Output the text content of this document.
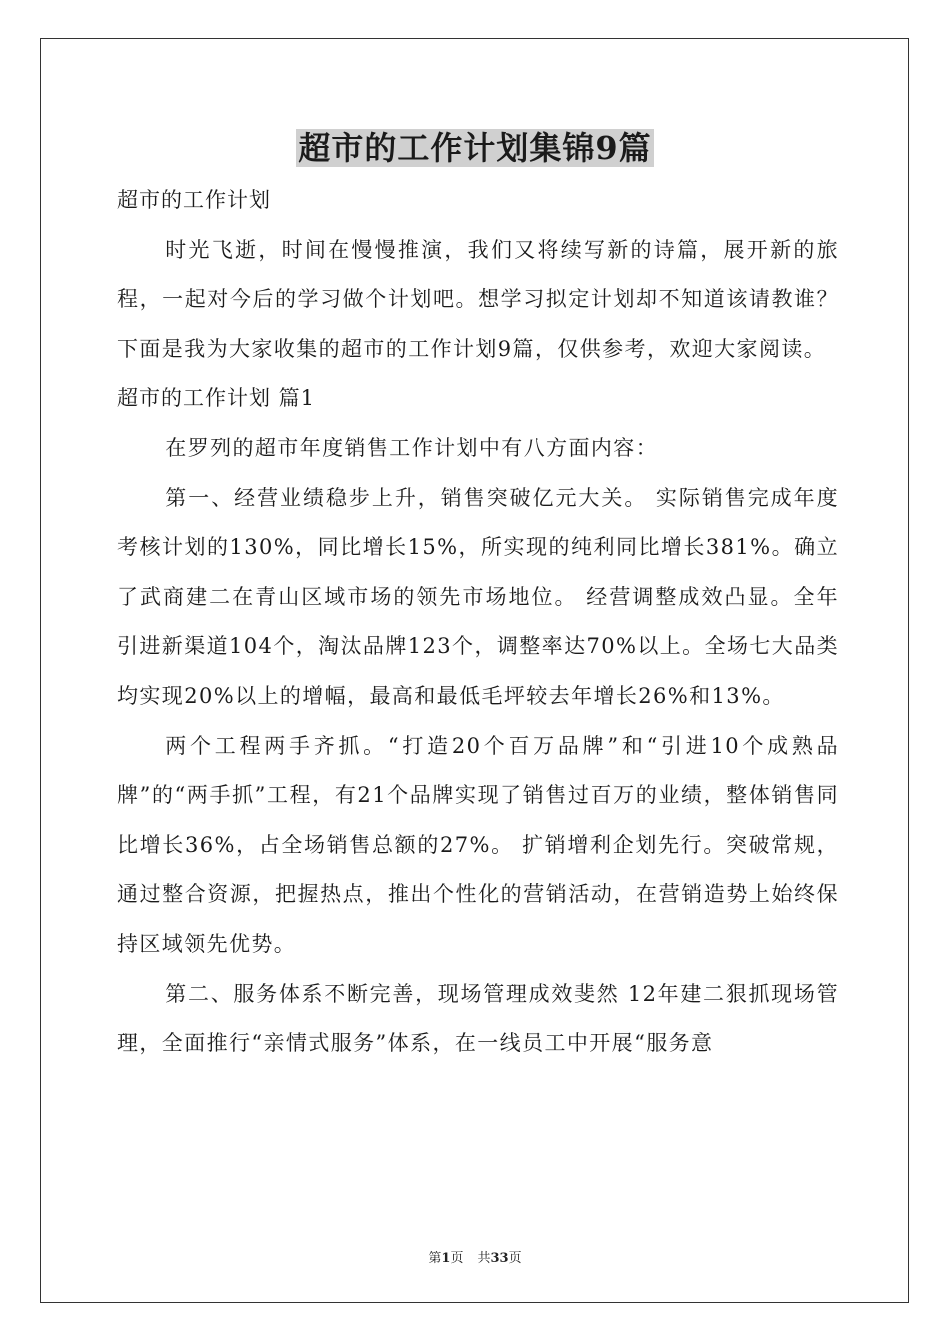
超市的工作计划集锦9篇

超市的工作计划

时光飞逝，时间在慢慢推演，我们又将续写新的诗篇，展开新的旅程，一起对今后的学习做个计划吧。想学习拟定计划却不知道该请教谁？下面是我为大家收集的超市的工作计划9篇，仅供参考，欢迎大家阅读。

超市的工作计划 篇1

在罗列的超市年度销售工作计划中有八方面内容：

第一、经营业绩稳步上升，销售突破亿元大关。 实际销售完成年度考核计划的130%，同比增长15%，所实现的纯利同比增长381%。确立了武商建二在青山区域市场的领先市场地位。 经营调整成效凸显。全年引进新渠道104个，淘汰品牌123个，调整率达70%以上。全场七大品类均实现20%以上的增幅，最高和最低毛坪较去年增长26%和13%。

两个工程两手齐抓。“打造20个百万品牌”和“引进10个成熟品牌”的“两手抓”工程，有21个品牌实现了销售过百万的业绩，整体销售同比增长36%，占全场销售总额的27%。 扩销增利企划先行。突破常规，通过整合资源，把握热点，推出个性化的营销活动，在营销造势上始终保持区域领先优势。

第二、服务体系不断完善，现场管理成效斐然 12年建二狠抓现场管理，全面推行“亲情式服务”体系，在一线员工中开展“服务意

第1页 共33页
